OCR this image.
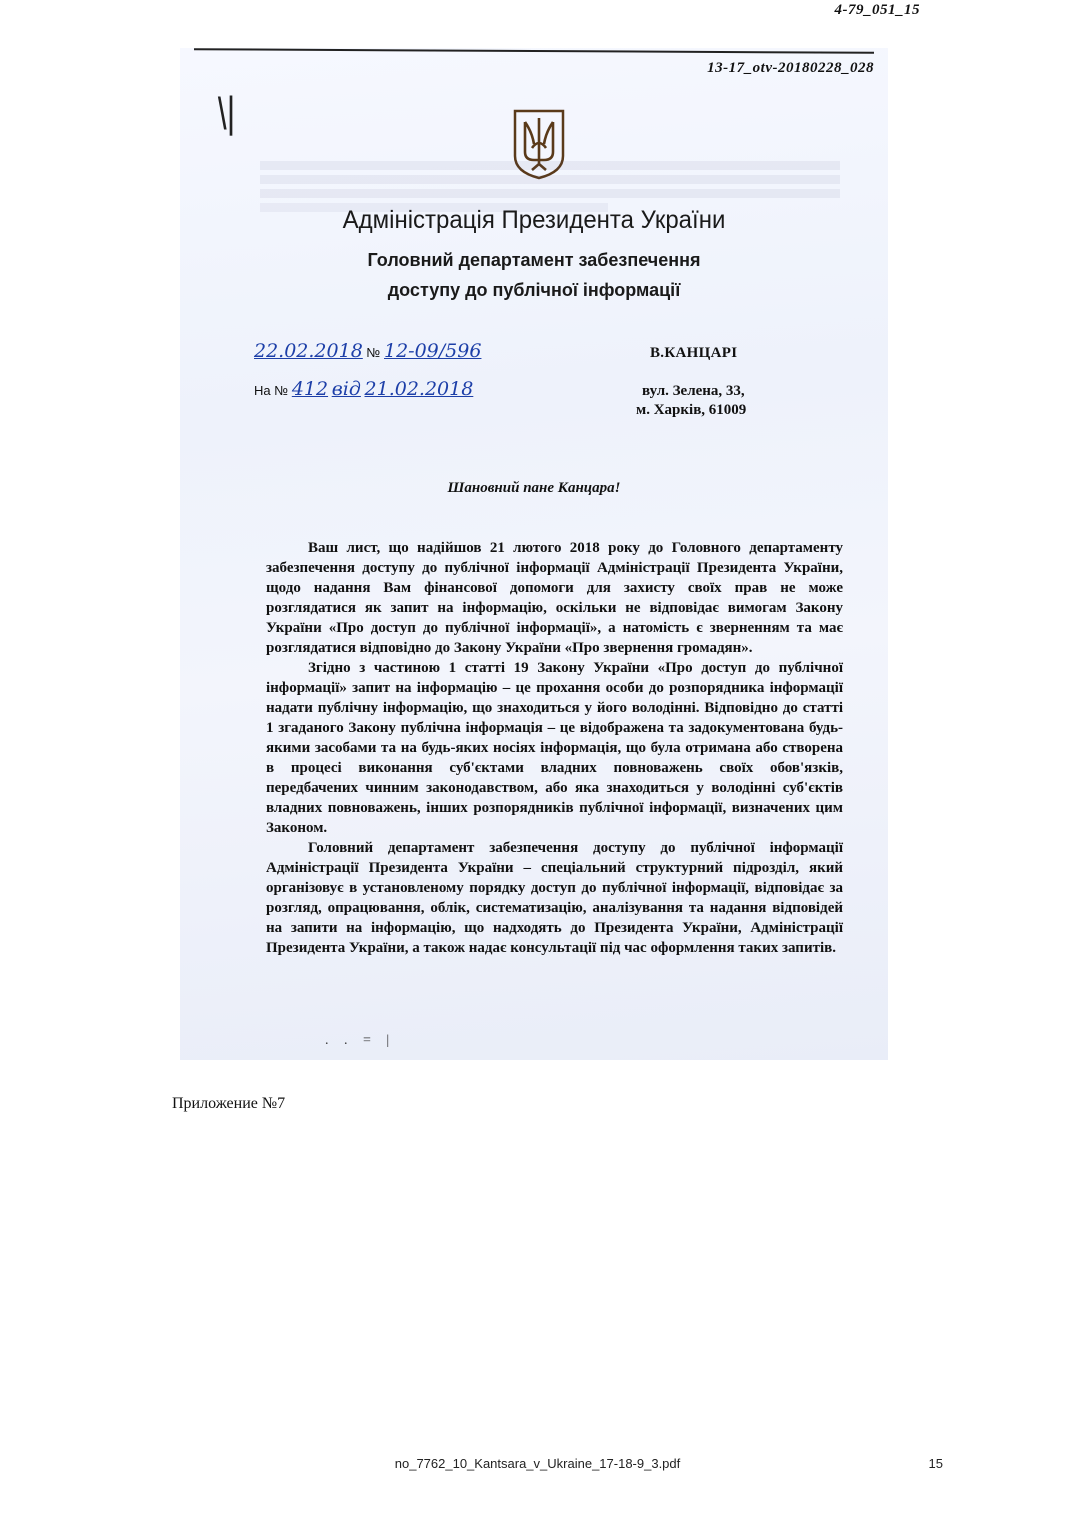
4-79_051_15
13-17_otv-20180228_028
\|
Адміністрація Президента України
Головний департамент забезпечення
доступу до публічної інформації
22.02.2018 № 12-09/596
На № 412 від 21.02.2018
В.КАНЦАРІ
вул. Зелена, 33,
м. Харків, 61009
Шановний пане Канцара!

Ваш лист, що надійшов 21 лютого 2018 року до Головного департаменту забезпечення доступу до публічної інформації Адміністрації Президента України, щодо надання Вам фінансової допомоги для захисту своїх прав не може розглядатися як запит на інформацію, оскільки не відповідає вимогам Закону України «Про доступ до публічної інформації», а натомість є зверненням та має розглядатися відповідно до Закону України «Про звернення громадян».

Згідно з частиною 1 статті 19 Закону України «Про доступ до публічної інформації» запит на інформацію – це прохання особи до розпорядника інформації надати публічну інформацію, що знаходиться у його володінні. Відповідно до статті 1 згаданого Закону публічна інформація – це відображена та задокументована будь-якими засобами та на будь-яких носіях інформація, що була отримана або створена в процесі виконання суб'єктами владних повноважень своїх обов'язків, передбачених чинним законодавством, або яка знаходиться у володінні суб'єктів владних повноважень, інших розпорядників публічної інформації, визначених цим Законом.

Головний департамент забезпечення доступу до публічної інформації Адміністрації Президента України – спеціальний структурний підрозділ, який організовує в установленому порядку доступ до публічної інформації, відповідає за розгляд, опрацювання, облік, систематизацію, аналізування та надання відповідей на запити на інформацію, що надходять до Президента України, Адміністрації Президента України, а також надає консультації під час оформлення таких запитів.

. . = |
Приложение №7
no_7762_10_Kantsara_v_Ukraine_17-18-9_3.pdf	15
